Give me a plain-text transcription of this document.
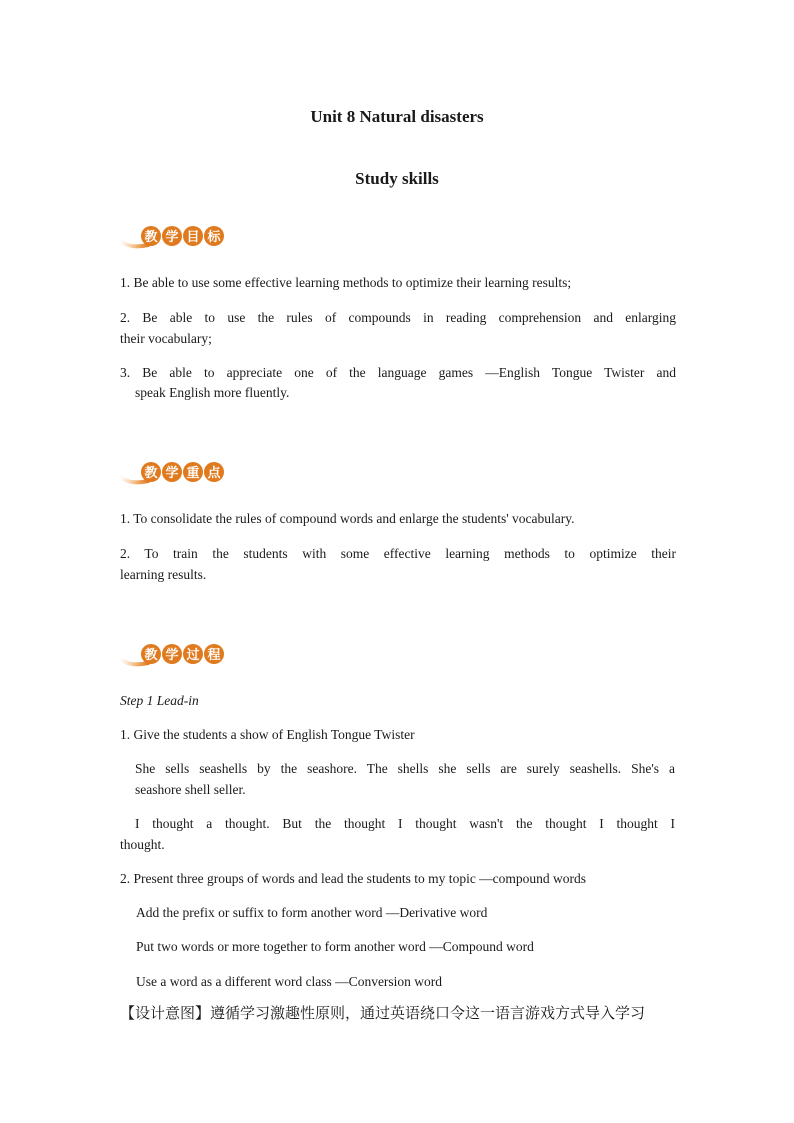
Unit 8 Natural disasters
Study skills
教 学 目 标
1. Be able to use some effective learning methods to optimize their learning results;
2. Be able to use the rules of compounds in reading comprehension and enlarging
their vocabulary;
3. Be able to appreciate one of the language games —English Tongue Twister and
speak English more fluently.
教 学 重 点
1. To consolidate the rules of compound words and enlarge the students' vocabulary.
2. To train the students with some effective learning methods to optimize their
learning results.
教 学 过 程
Step 1 Lead-in
1. Give the students a show of English Tongue Twister
She sells seashells by the seashore. The shells she sells are surely seashells. She's a
seashore shell seller.
I thought a thought. But the thought I thought wasn't the thought I thought I
thought.
2. Present three groups of words and lead the students to my topic —compound words
Add the prefix or suffix to form another word —Derivative word
Put two words or more together to form another word —Compound word
Use a word as a different word class —Conversion word
【设计意图】遵循学习激趣性原则，通过英语绕口令这一语言游戏方式导入学习
